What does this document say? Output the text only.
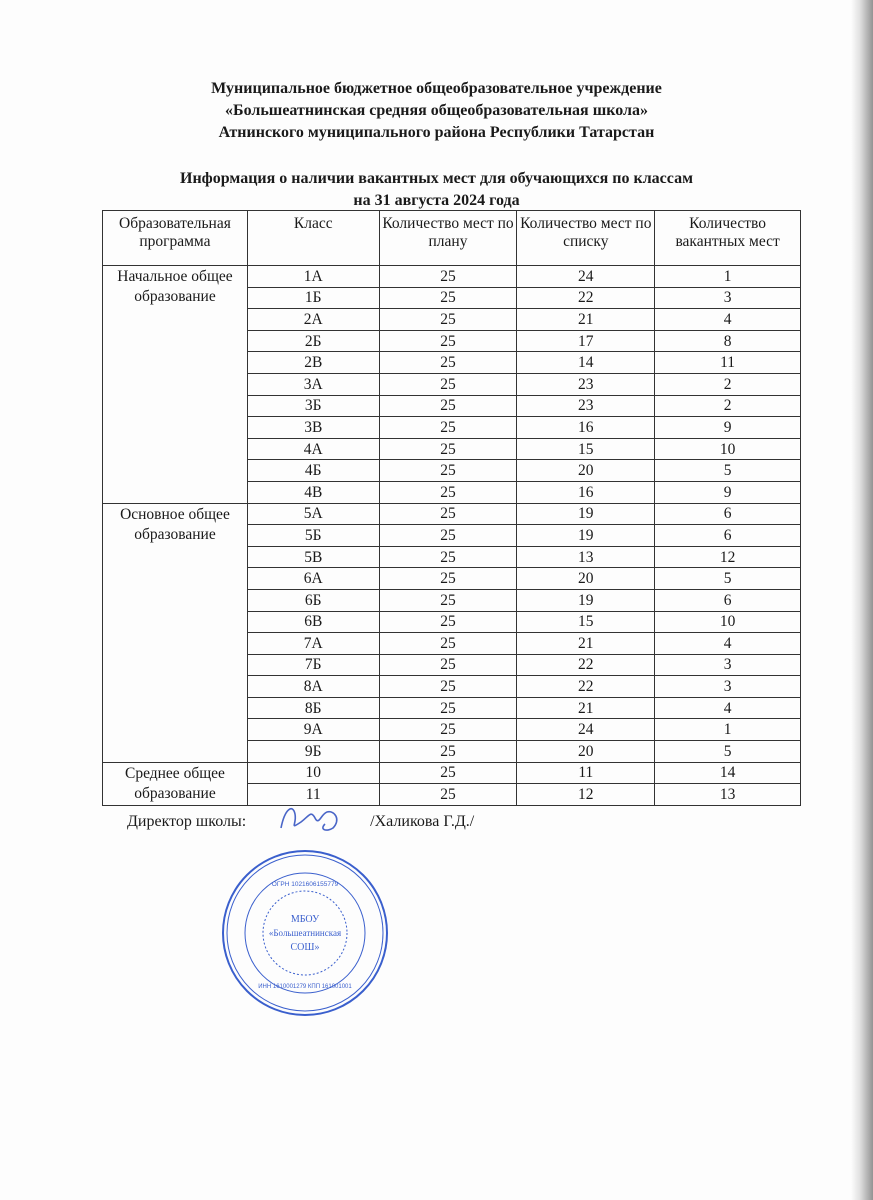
Муниципальное бюджетное общеобразовательное учреждение
«Большеатнинская средняя общеобразовательная школа»
Атнинского муниципального района Республики Татарстан
Информация о наличии вакантных мест для обучающихся по классам
на 31 августа 2024 года
Образовательная программа	Класс	Количество мест по плану	Количество мест по списку	Количество вакантных мест
Начальное общее образование	1А	25	24	1
	1Б	25	22	3
	2А	25	21	4
	2Б	25	17	8
	2В	25	14	11
	3А	25	23	2
	3Б	25	23	2
	3В	25	16	9
	4А	25	15	10
	4Б	25	20	5
	4В	25	16	9
Основное общее образование	5А	25	19	6
	5Б	25	19	6
	5В	25	13	12
	6А	25	20	5
	6Б	25	19	6
	6В	25	15	10
	7А	25	21	4
	7Б	25	22	3
	8А	25	22	3
	8Б	25	21	4
	9А	25	24	1
	9Б	25	20	5
Среднее общее образование	10	25	11	14
	11	25	12	13
Директор школы:	/Халикова Г.Д./
МБОУ
«Большеатнинская
СОШ»
ОГРН 1021606155779
ИНН 1610001279 КПП 161001001
